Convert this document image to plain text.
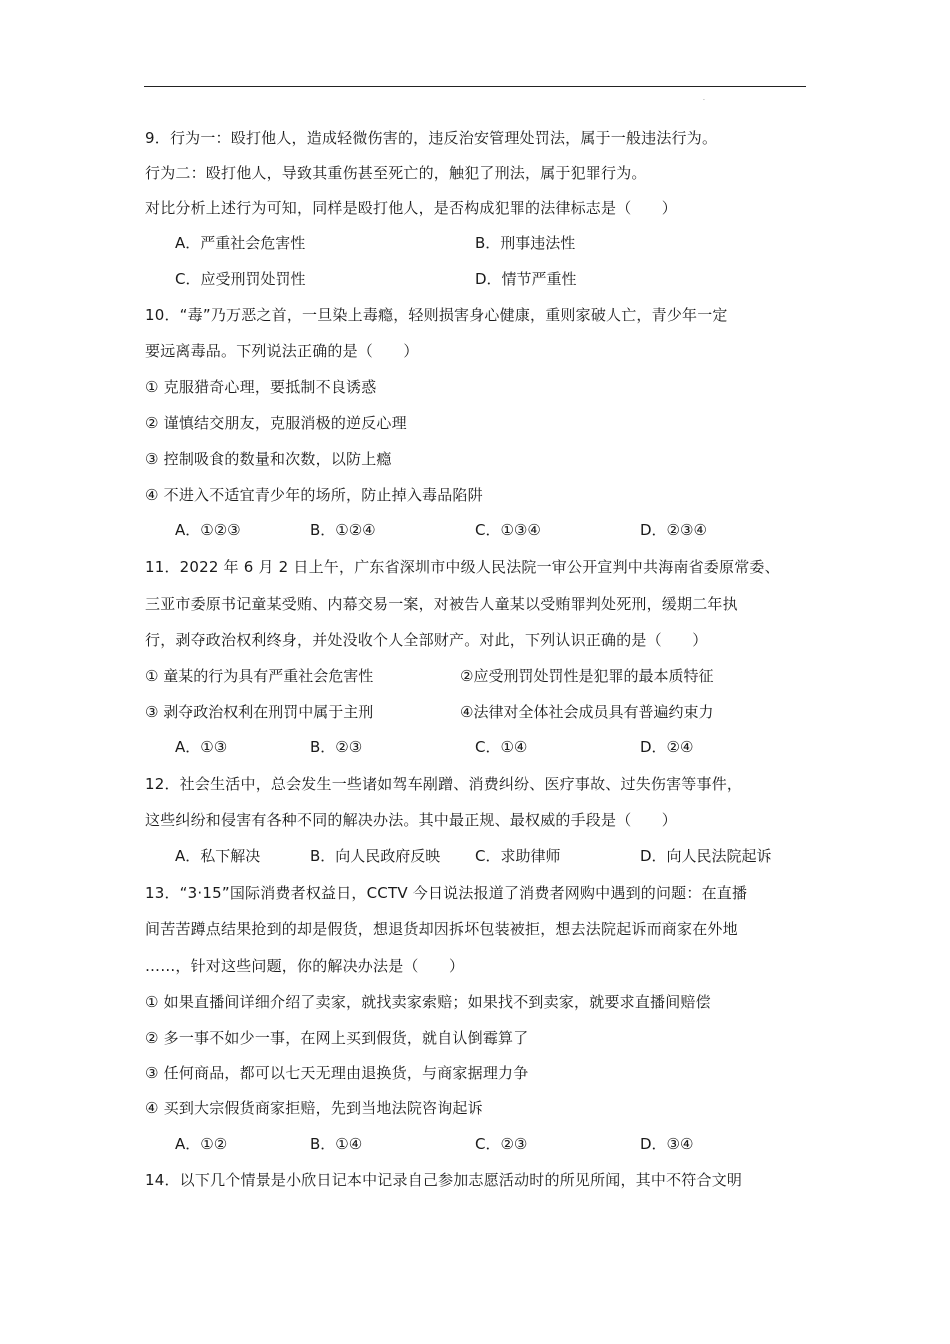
.
9．行为一：殴打他人，造成轻微伤害的，违反治安管理处罚法，属于一般违法行为。
行为二：殴打他人，导致其重伤甚至死亡的，触犯了刑法，属于犯罪行为。
对比分析上述行为可知，同样是殴打他人，是否构成犯罪的法律标志是（　　）
A．严重社会危害性	B．刑事违法性
C．应受刑罚处罚性	D．情节严重性
10．“毒”乃万恶之首，一旦染上毒瘾，轻则损害身心健康，重则家破人亡，青少年一定
要远离毒品。下列说法正确的是（　　）
① 克服猎奇心理，要抵制不良诱惑
② 谨慎结交朋友，克服消极的逆反心理
③ 控制吸食的数量和次数，以防上瘾
④ 不进入不适宜青少年的场所，防止掉入毒品陷阱
A．①②③	B．①②④	C．①③④	D．②③④
11．2022 年 6 月 2 日上午，广东省深圳市中级人民法院一审公开宣判中共海南省委原常委、
三亚市委原书记童某受贿、内幕交易一案，对被告人童某以受贿罪判处死刑，缓期二年执
行，剥夺政治权利终身，并处没收个人全部财产。对此，下列认识正确的是（　　）
① 童某的行为具有严重社会危害性	②应受刑罚处罚性是犯罪的最本质特征
③ 剥夺政治权利在刑罚中属于主刑	④法律对全体社会成员具有普遍约束力
A．①③	B．②③	C．①④	D．②④
12．社会生活中，总会发生一些诸如驾车剐蹭、消费纠纷、医疗事故、过失伤害等事件，
这些纠纷和侵害有各种不同的解决办法。其中最正规、最权威的手段是（　　）
A．私下解决	B．向人民政府反映 C．求助律师	D．向人民法院起诉
13．“3·15”国际消费者权益日，CCTV 今日说法报道了消费者网购中遇到的问题：在直播
间苦苦蹲点结果抢到的却是假货，想退货却因拆坏包装被拒，想去法院起诉而商家在外地
……，针对这些问题，你的解决办法是（　　）
① 如果直播间详细介绍了卖家，就找卖家索赔；如果找不到卖家，就要求直播间赔偿
② 多一事不如少一事，在网上买到假货，就自认倒霉算了
③ 任何商品，都可以七天无理由退换货，与商家据理力争
④ 买到大宗假货商家拒赔，先到当地法院咨询起诉
A．①②	B．①④	C．②③	D．③④
14．以下几个情景是小欣日记本中记录自己参加志愿活动时的所见所闻，其中不符合文明
